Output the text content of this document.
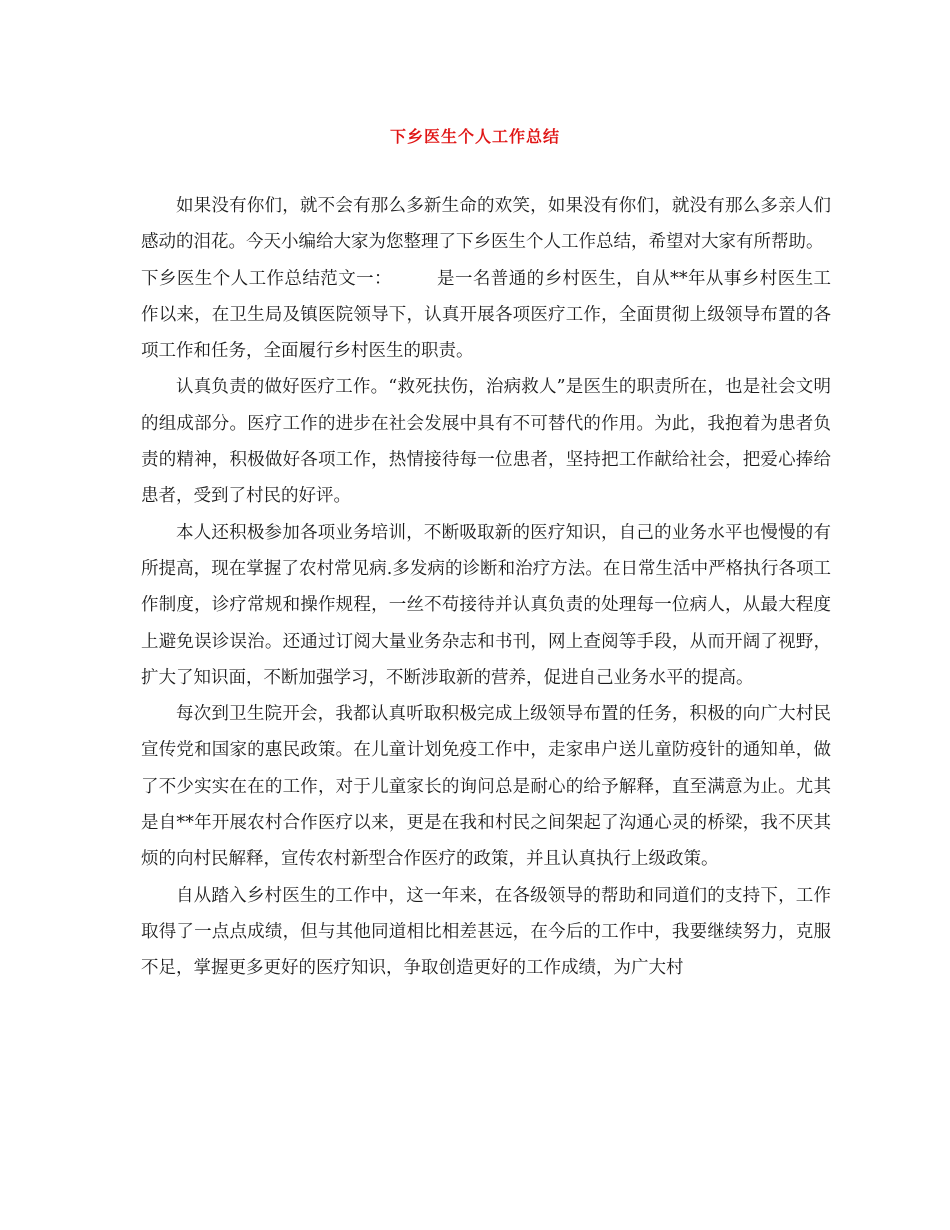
下乡医生个人工作总结

如果没有你们，就不会有那么多新生命的欢笑，如果没有你们，就没有那么多亲人们感动的泪花。今天小编给大家为您整理了下乡医生个人工作总结，希望对大家有所帮助。

下乡医生个人工作总结范文一：　　　是一名普通的乡村医生，自从**年从事乡村医生工作以来，在卫生局及镇医院领导下，认真开展各项医疗工作，全面贯彻上级领导布置的各项工作和任务，全面履行乡村医生的职责。

认真负责的做好医疗工作。“救死扶伤，治病救人”是医生的职责所在，也是社会文明的组成部分。医疗工作的进步在社会发展中具有不可替代的作用。为此，我抱着为患者负责的精神，积极做好各项工作，热情接待每一位患者，坚持把工作献给社会，把爱心捧给患者，受到了村民的好评。

本人还积极参加各项业务培训，不断吸取新的医疗知识，自己的业务水平也慢慢的有所提高，现在掌握了农村常见病.多发病的诊断和治疗方法。在日常生活中严格执行各项工作制度，诊疗常规和操作规程，一丝不苟接待并认真负责的处理每一位病人，从最大程度上避免误诊误治。还通过订阅大量业务杂志和书刊，网上查阅等手段，从而开阔了视野，扩大了知识面，不断加强学习，不断涉取新的营养，促进自己业务水平的提高。

每次到卫生院开会，我都认真听取积极完成上级领导布置的任务，积极的向广大村民宣传党和国家的惠民政策。在儿童计划免疫工作中，走家串户送儿童防疫针的通知单，做了不少实实在在的工作，对于儿童家长的询问总是耐心的给予解释，直至满意为止。尤其是自**年开展农村合作医疗以来，更是在我和村民之间架起了沟通心灵的桥梁，我不厌其烦的向村民解释，宣传农村新型合作医疗的政策，并且认真执行上级政策。

自从踏入乡村医生的工作中，这一年来，在各级领导的帮助和同道们的支持下，工作取得了一点点成绩，但与其他同道相比相差甚远，在今后的工作中，我要继续努力，克服不足，掌握更多更好的医疗知识，争取创造更好的工作成绩，为广大村
